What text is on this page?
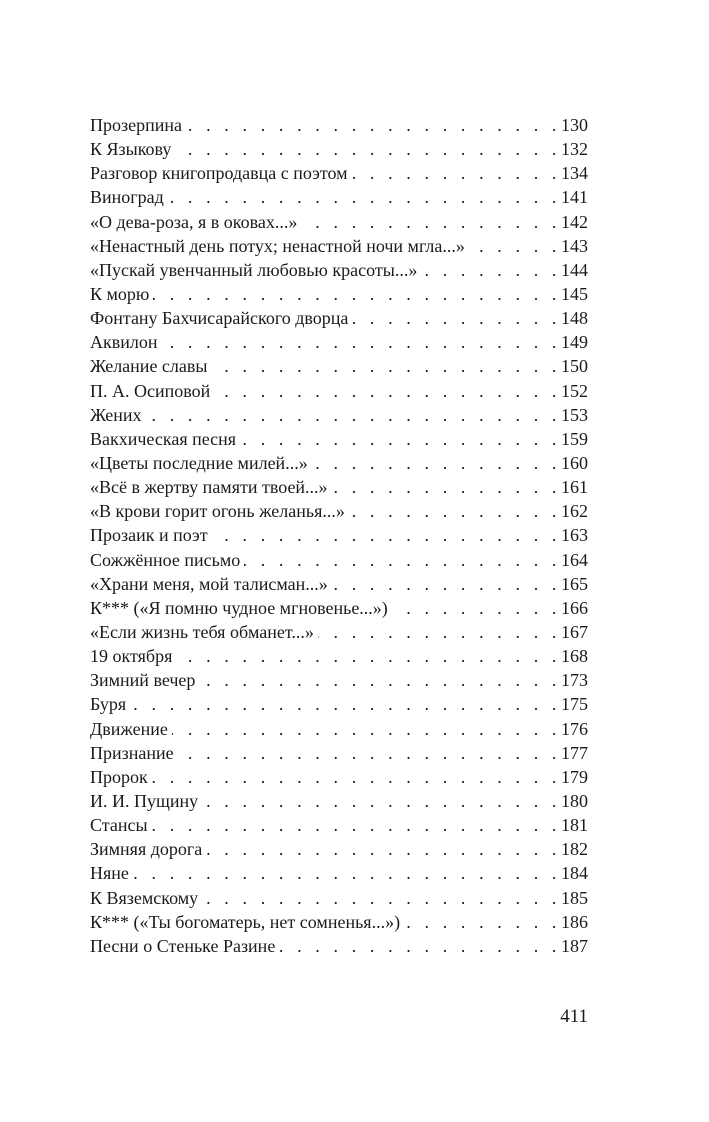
Прозерпина . . .	130
К Языкову . . .	132
Разговор книгопродавца с поэтом . . .	134
Виноград . . .	141
«О дева-роза, я в оковах...» . . .	142
«Ненастный день потух; ненастной ночи мгла...» . . .	143
«Пускай увенчанный любовью красоты...» . . .	144
К морю . . .	145
Фонтану Бахчисарайского дворца . . .	148
Аквилон . . .	149
Желание славы . . .	150
П. А. Осиповой . . .	152
Жених . . .	153
Вакхическая песня . . .	159
«Цветы последние милей...» . . .	160
«Всё в жертву памяти твоей...» . . .	161
«В крови горит огонь желанья...» . . .	162
Прозаик и поэт . . .	163
Сожжённое письмо . . .	164
«Храни меня, мой талисман...» . . .	165
К*** («Я помню чудное мгновенье...») . . .	166
«Если жизнь тебя обманет...» . . .	167
19 октября . . .	168
Зимний вечер . . .	173
Буря . . .	175
Движение . . .	176
Признание . . .	177
Пророк . . .	179
И. И. Пущину . . .	180
Стансы . . .	181
Зимняя дорога . . .	182
Няне . . .	184
К Вяземскому . . .	185
К*** («Ты богоматерь, нет сомненья...») . . .	186
Песни о Стеньке Разине . . .	187
411
